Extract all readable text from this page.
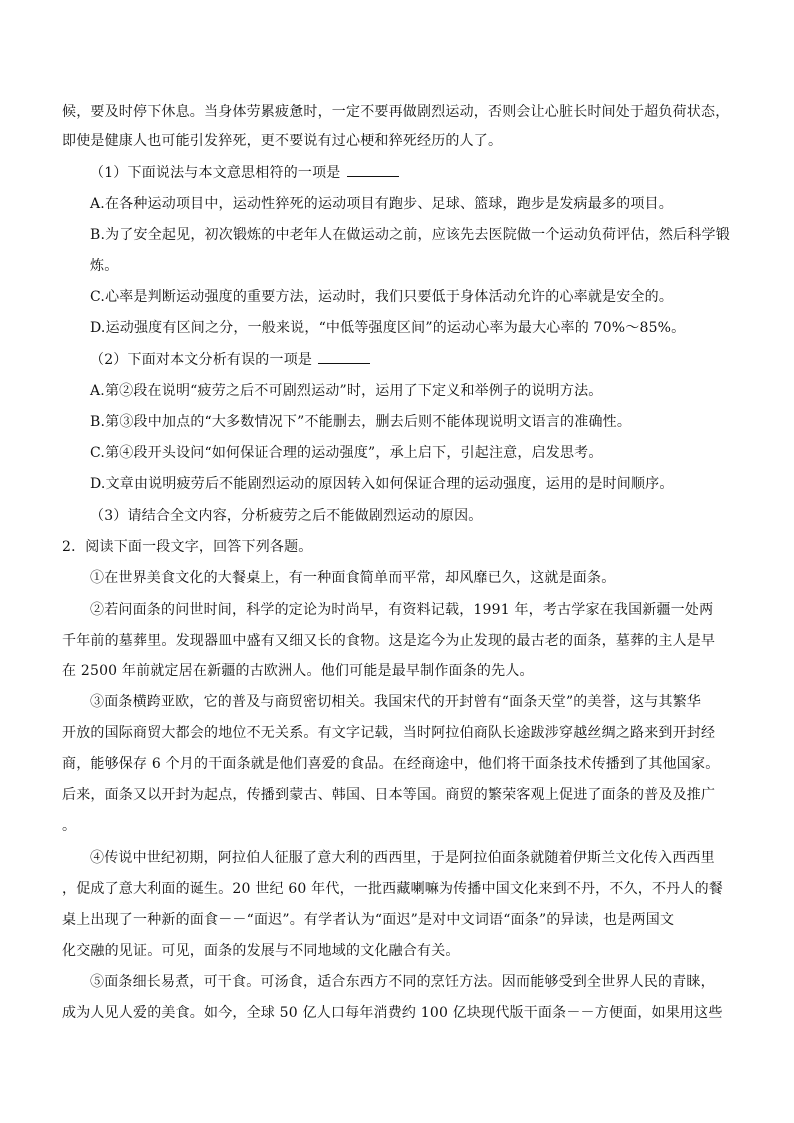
候，要及时停下休息。当身体劳累疲惫时，一定不要再做剧烈运动，否则会让心脏长时间处于超负荷状态，
即使是健康人也可能引发猝死，更不要说有过心梗和猝死经历的人了。
（1）下面说法与本文意思相符的一项是
A.在各种运动项目中，运动性猝死的运动项目有跑步、足球、篮球，跑步是发病最多的项目。
B.为了安全起见，初次锻炼的中老年人在做运动之前，应该先去医院做一个运动负荷评估，然后科学锻
炼。
C.心率是判断运动强度的重要方法，运动时，我们只要低于身体活动允许的心率就是安全的。
D.运动强度有区间之分，一般来说，“中低等强度区间”的运动心率为最大心率的 70%～85%。
（2）下面对本文分析有误的一项是
A.第②段在说明“疲劳之后不可剧烈运动”时，运用了下定义和举例子的说明方法。
B.第③段中加点的“大多数情况下”不能删去，删去后则不能体现说明文语言的准确性。
C.第④段开头设问“如何保证合理的运动强度”，承上启下，引起注意，启发思考。
D.文章由说明疲劳后不能剧烈运动的原因转入如何保证合理的运动强度，运用的是时间顺序。
（3）请结合全文内容，分析疲劳之后不能做剧烈运动的原因。
2．阅读下面一段文字，回答下列各题。
①在世界美食文化的大餐桌上，有一种面食简单而平常，却风靡已久，这就是面条。
②若问面条的问世时间，科学的定论为时尚早，有资料记载，1991 年，考古学家在我国新疆一处两
千年前的墓葬里。发现器皿中盛有又细又长的食物。这是迄今为止发现的最古老的面条，墓葬的主人是早
在 2500 年前就定居在新疆的古欧洲人。他们可能是最早制作面条的先人。
③面条横跨亚欧，它的普及与商贸密切相关。我国宋代的开封曾有“面条天堂”的美誉，这与其繁华
开放的国际商贸大都会的地位不无关系。有文字记载，当时阿拉伯商队长途跋涉穿越丝绸之路来到开封经
商，能够保存 6 个月的干面条就是他们喜爱的食品。在经商途中，他们将干面条技术传播到了其他国家。
后来，面条又以开封为起点，传播到蒙古、韩国、日本等国。商贸的繁荣客观上促进了面条的普及及推广
。
④传说中世纪初期，阿拉伯人征服了意大利的西西里，于是阿拉伯面条就随着伊斯兰文化传入西西里
，促成了意大利面的诞生。20 世纪 60 年代，一批西藏喇嘛为传播中国文化来到不丹，不久，不丹人的餐
桌上出现了一种新的面食－－“面迟”。有学者认为“面迟”是对中文词语“面条”的异读，也是两国文
化交融的见证。可见，面条的发展与不同地域的文化融合有关。
⑤面条细长易煮，可干食。可汤食，适合东西方不同的烹饪方法。因而能够受到全世界人民的青睐，
成为人见人爱的美食。如今，全球 50 亿人口每年消费约 100 亿块现代版干面条－－方便面，如果用这些
